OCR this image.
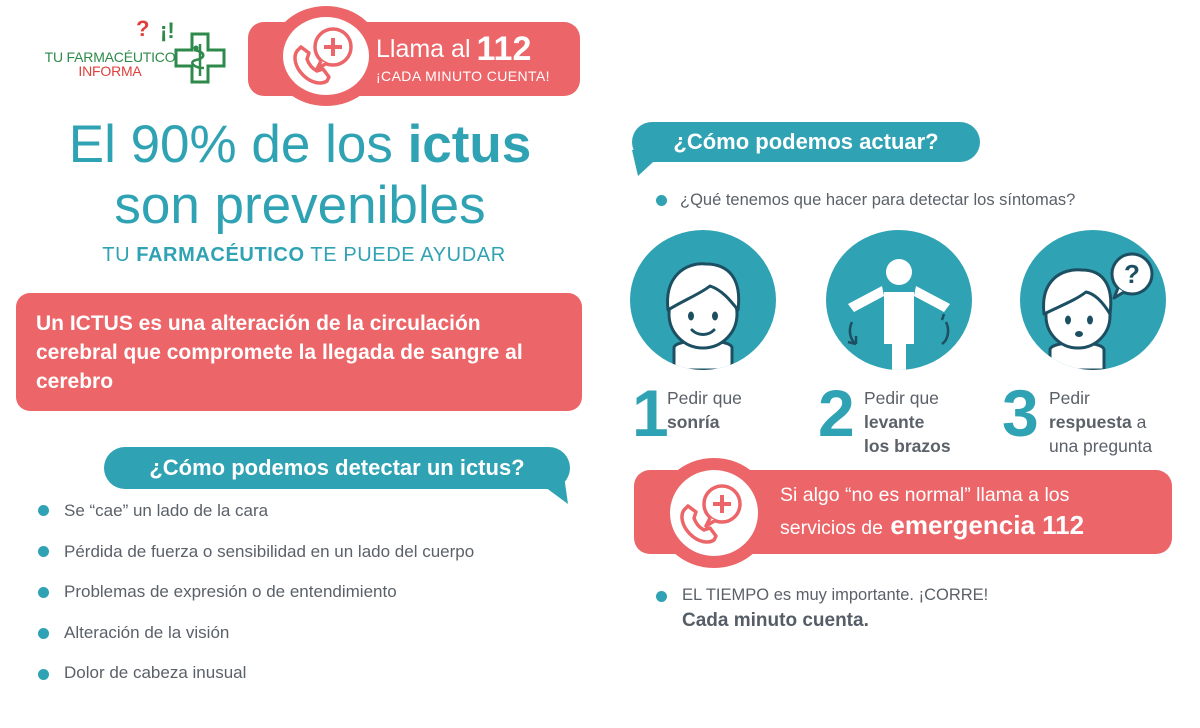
? ¡!
TU FARMACÉUTICO
INFORMA
Llama al 112
¡CADA MINUTO CUENTA!
El 90% de los ictus
son prevenibles
TU FARMACÉUTICO TE PUEDE AYUDAR
Un ICTUS es una alteración de la circulación cerebral que compromete la llegada de sangre al cerebro
¿Cómo podemos detectar un ictus?
Se “cae” un lado de la cara
Pérdida de fuerza o sensibilidad en un lado del cuerpo
Problemas de expresión o de entendimiento
Alteración de la visión
Dolor de cabeza inusual
¿Cómo podemos actuar?
¿Qué tenemos que hacer para detectar los síntomas?
1
Pedir que
sonría	2 Pedir que
levante
los brazos
?
3 Pedir
respuesta a
una pregunta
Si algo “no es normal” llama a los
servicios de emergencia 112
EL TIEMPO es muy importante. ¡CORRE!
Cada minuto cuenta.
